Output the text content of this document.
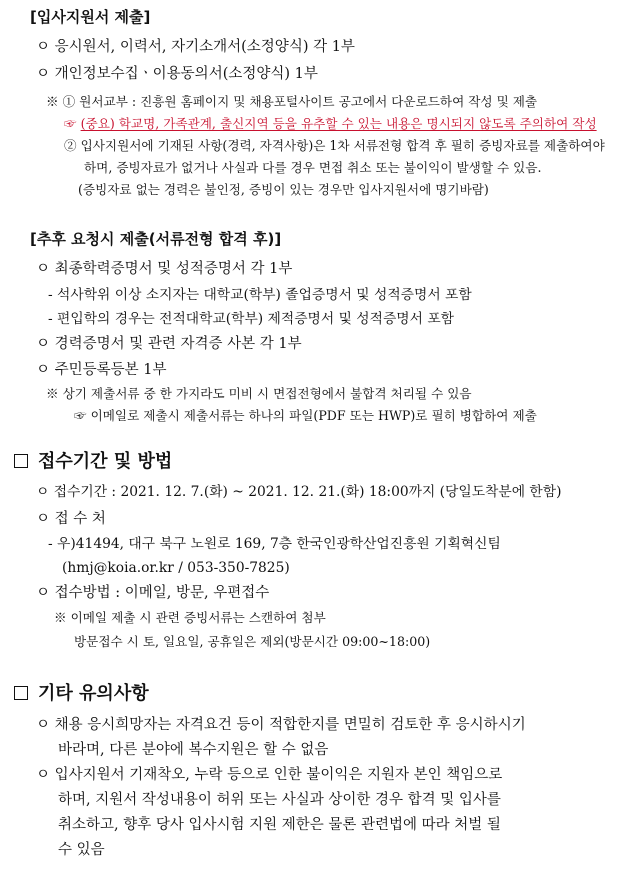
[입사지원서 제출]
ㅇ 응시원서, 이력서, 자기소개서(소정양식) 각 1부
ㅇ 개인정보수집ㆍ이용동의서(소정양식) 1부
※ ① 원서교부 : 진흥원 홈페이지 및 채용포털사이트 공고에서 다운로드하여 작성 및 제출
☞ (중요) 학교명, 가족관계, 출신지역 등을 유추할 수 있는 내용은 명시되지 않도록 주의하여 작성
② 입사지원서에 기재된 사항(경력, 자격사항)은 1차 서류전형 합격 후 필히 증빙자료를 제출하여야
하며, 증빙자료가 없거나 사실과 다를 경우 면접 취소 또는 불이익이 발생할 수 있음.
(증빙자료 없는 경력은 불인정, 증빙이 있는 경우만 입사지원서에 명기바람)
[추후 요청시 제출(서류전형 합격 후)]
ㅇ 최종학력증명서 및 성적증명서 각 1부
- 석사학위 이상 소지자는 대학교(학부) 졸업증명서 및 성적증명서 포함
- 편입학의 경우는 전적대학교(학부) 제적증명서 및 성적증명서 포함
ㅇ 경력증명서 및 관련 자격증 사본 각 1부
ㅇ 주민등록등본 1부
※ 상기 제출서류 중 한 가지라도 미비 시 면접전형에서 불합격 처리될 수 있음
☞ 이메일로 제출시 제출서류는 하나의 파일(PDF 또는 HWP)로 필히 병합하여 제출
접수기간 및 방법
ㅇ 접수기간 : 2021. 12. 7.(화) ~ 2021. 12. 21.(화) 18:00까지 (당일도착분에 한함)
ㅇ 접 수 처
- 우)41494, 대구 북구 노원로 169, 7층 한국인광학산업진흥원 기획혁신팀
(hmj@koia.or.kr / 053-350-7825)
ㅇ 접수방법 : 이메일, 방문, 우편접수
※ 이메일 제출 시 관련 증빙서류는 스캔하여 첨부
방문접수 시 토, 일요일, 공휴일은 제외(방문시간 09:00~18:00)
기타 유의사항
ㅇ 채용 응시희망자는 자격요건 등이 적합한지를 면밀히 검토한 후 응시하시기
바라며, 다른 분야에 복수지원은 할 수 없음
ㅇ 입사지원서 기재착오, 누락 등으로 인한 불이익은 지원자 본인 책임으로
하며, 지원서 작성내용이 허위 또는 사실과 상이한 경우 합격 및 입사를
취소하고, 향후 당사 입사시험 지원 제한은 물론 관련법에 따라 처벌 될
수 있음
